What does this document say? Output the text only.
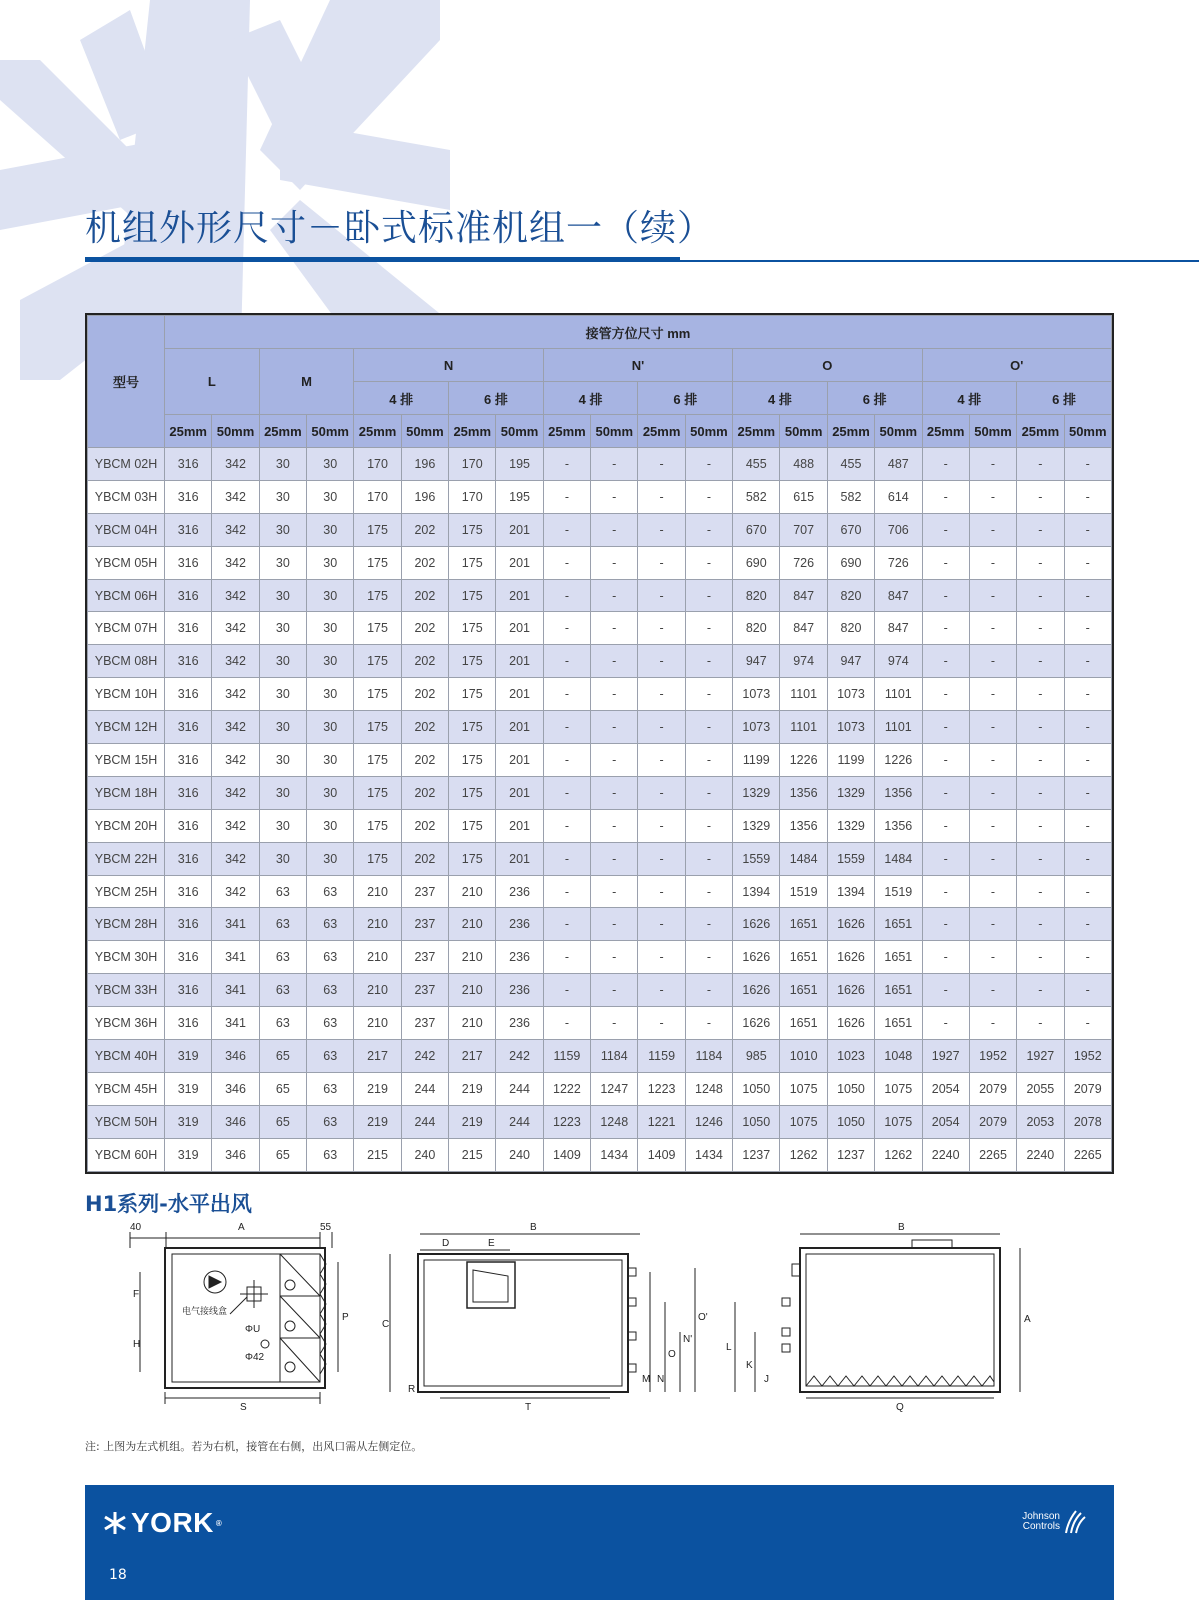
机组外形尺寸－卧式标准机组一（续）
型号	接管方位尺寸 mm																			
	L		M		N				N'				O				O'			
					4 排		6 排		4 排		6 排		4 排		6 排		4 排		6 排	
	25mm	50mm	25mm	50mm	25mm	50mm	25mm	50mm	25mm	50mm	25mm	50mm	25mm	50mm	25mm	50mm	25mm	50mm	25mm	50mm
YBCM 02H	316	342	30	30	170	196	170	195	-	-	-	-	455	488	455	487	-	-	-	-
YBCM 03H	316	342	30	30	170	196	170	195	-	-	-	-	582	615	582	614	-	-	-	-
YBCM 04H	316	342	30	30	175	202	175	201	-	-	-	-	670	707	670	706	-	-	-	-
YBCM 05H	316	342	30	30	175	202	175	201	-	-	-	-	690	726	690	726	-	-	-	-
YBCM 06H	316	342	30	30	175	202	175	201	-	-	-	-	820	847	820	847	-	-	-	-
YBCM 07H	316	342	30	30	175	202	175	201	-	-	-	-	820	847	820	847	-	-	-	-
YBCM 08H	316	342	30	30	175	202	175	201	-	-	-	-	947	974	947	974	-	-	-	-
YBCM 10H	316	342	30	30	175	202	175	201	-	-	-	-	1073	1101	1073	1101	-	-	-	-
YBCM 12H	316	342	30	30	175	202	175	201	-	-	-	-	1073	1101	1073	1101	-	-	-	-
YBCM 15H	316	342	30	30	175	202	175	201	-	-	-	-	1199	1226	1199	1226	-	-	-	-
YBCM 18H	316	342	30	30	175	202	175	201	-	-	-	-	1329	1356	1329	1356	-	-	-	-
YBCM 20H	316	342	30	30	175	202	175	201	-	-	-	-	1329	1356	1329	1356	-	-	-	-
YBCM 22H	316	342	30	30	175	202	175	201	-	-	-	-	1559	1484	1559	1484	-	-	-	-
YBCM 25H	316	342	63	63	210	237	210	236	-	-	-	-	1394	1519	1394	1519	-	-	-	-
YBCM 28H	316	341	63	63	210	237	210	236	-	-	-	-	1626	1651	1626	1651	-	-	-	-
YBCM 30H	316	341	63	63	210	237	210	236	-	-	-	-	1626	1651	1626	1651	-	-	-	-
YBCM 33H	316	341	63	63	210	237	210	236	-	-	-	-	1626	1651	1626	1651	-	-	-	-
YBCM 36H	316	341	63	63	210	237	210	236	-	-	-	-	1626	1651	1626	1651	-	-	-	-
YBCM 40H	319	346	65	63	217	242	217	242	1159	1184	1159	1184	985	1010	1023	1048	1927	1952	1927	1952
YBCM 45H	319	346	65	63	219	244	219	244	1222	1247	1223	1248	1050	1075	1050	1075	2054	2079	2055	2079
YBCM 50H	319	346	65	63	219	244	219	244	1223	1248	1221	1246	1050	1075	1050	1075	2054	2079	2053	2078
YBCM 60H	319	346	65	63	215	240	215	240	1409	1434	1409	1434	1237	1262	1237	1262	2240	2265	2240	2265
H1系列-水平出风
40	A	55
电气接线盒
ΦU
Φ42
F
H
P
S
B
D	E
C
R
T
M N
N'
O
O'
B
A
L
K
J
Q
注: 上图为左式机组。若为右机，接管在右侧，出风口需从左侧定位。
YORK ®
Johnson
Controls
18
